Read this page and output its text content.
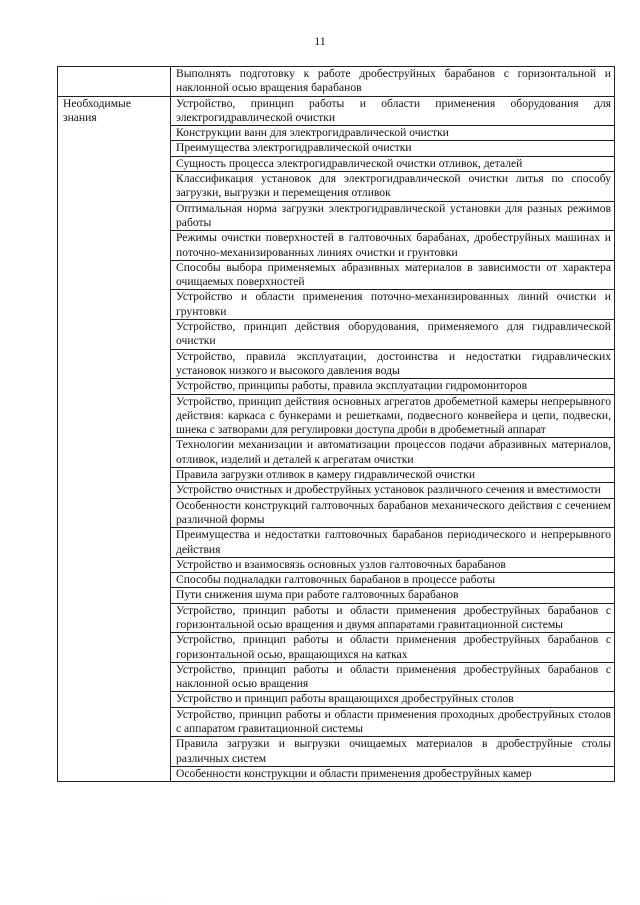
11
	Выполнять подготовку к работе дробеструйных барабанов с горизонтальной и наклонной осью вращения барабанов
Необходимые знания	Устройство, принцип работы и области применения оборудования для электрогидравлической очистки
	Конструкции ванн для электрогидравлической очистки
	Преимущества электрогидравлической очистки
	Сущность процесса электрогидравлической очистки отливок, деталей
	Классификация установок для электрогидравлической очистки литья по способу загрузки, выгрузки и перемещения отливок
	Оптимальная норма загрузки электрогидравлической установки для разных режимов работы
	Режимы очистки поверхностей в галтовочных барабанах, дробеструйных машинах и поточно-механизированных линиях очистки и грунтовки
	Способы выбора применяемых абразивных материалов в зависимости от характера очищаемых поверхностей
	Устройство и области применения поточно-механизированных линий очистки и грунтовки
	Устройство, принцип действия оборудования, применяемого для гидравлической очистки
	Устройство, правила эксплуатации, достоинства и недостатки гидравлических установок низкого и высокого давления воды
	Устройство, принципы работы, правила эксплуатации гидромониторов
	Устройство, принцип действия основных агрегатов дробеметной камеры непрерывного действия: каркаса с бункерами и решетками, подвесного конвейера и цепи, подвески, шнека с затворами для регулировки доступа дроби в дробеметный аппарат
	Технологии механизации и автоматизации процессов подачи абразивных материалов, отливок, изделий и деталей к агрегатам очистки
	Правила загрузки отливок в камеру гидравлической очистки
	Устройство очистных и дробеструйных установок различного сечения и вместимости
	Особенности конструкций галтовочных барабанов механического действия с сечением различной формы
	Преимущества и недостатки галтовочных барабанов периодического и непрерывного действия
	Устройство и взаимосвязь основных узлов галтовочных барабанов
	Способы подналадки галтовочных барабанов в процессе работы
	Пути снижения шума при работе галтовочных барабанов
	Устройство, принцип работы и области применения дробеструйных барабанов с горизонтальной осью вращения и двумя аппаратами гравитационной системы
	Устройство, принцип работы и области применения дробеструйных барабанов с горизонтальной осью, вращающихся на катках
	Устройство, принцип работы и области применения дробеструйных барабанов с наклонной осью вращения
	Устройство и принцип работы вращающихся дробеструйных столов
	Устройство, принцип работы и области применения проходных дробеструйных столов с аппаратом гравитационной системы
	Правила загрузки и выгрузки очищаемых материалов в дробеструйные столы различных систем
	Особенности конструкции и области применения дробеструйных камер
· · · · · · · · ·
